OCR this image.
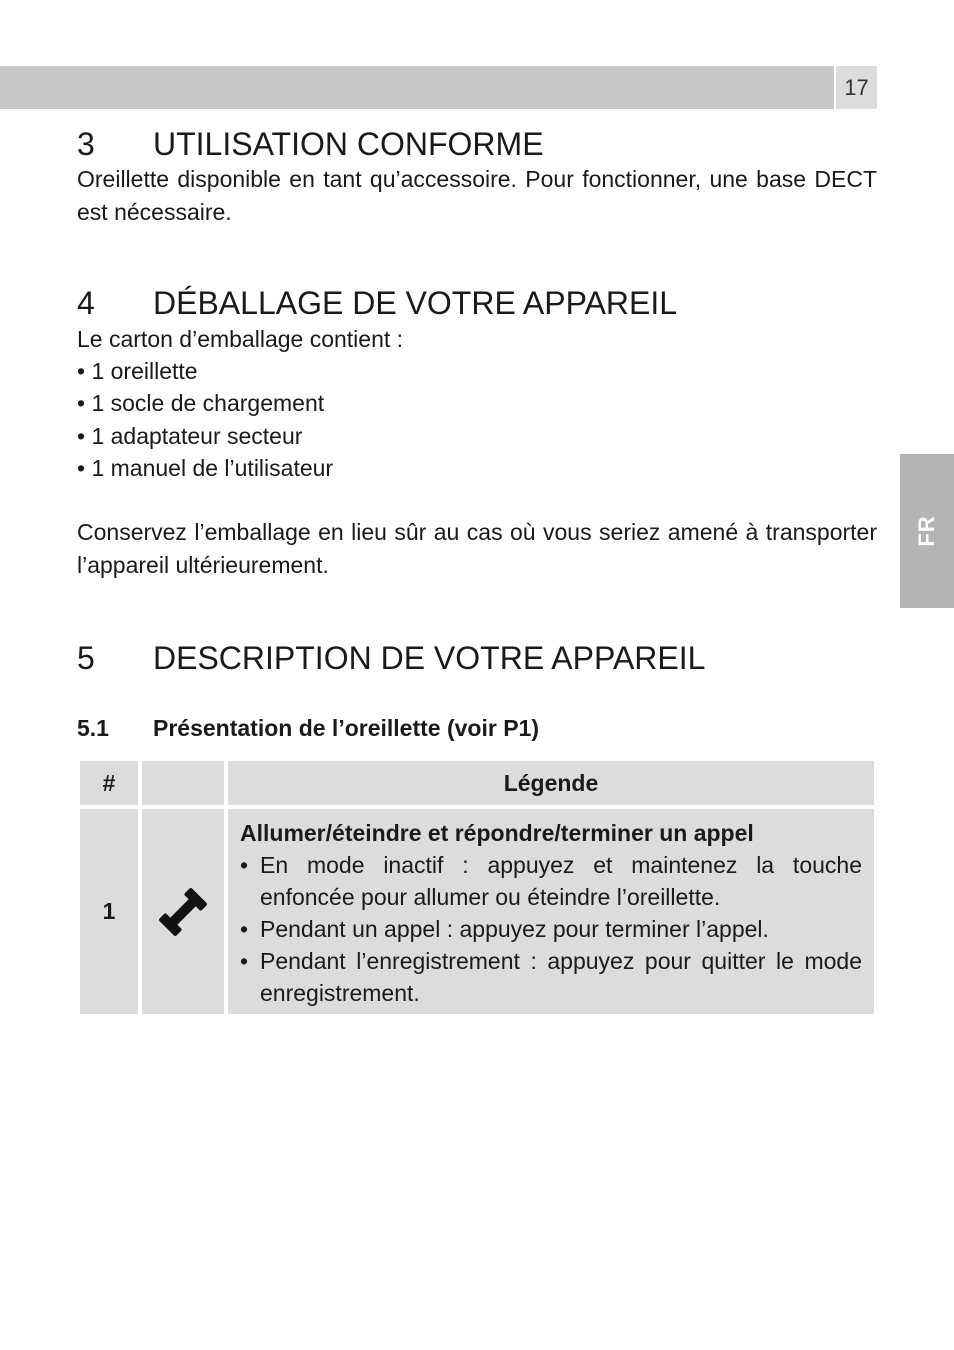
17
FR
3 UTILISATION CONFORME

Oreillette disponible en tant qu’accessoire. Pour fonctionner, une base DECT est nécessaire.

4 DÉBALLAGE DE VOTRE APPAREIL
Le carton d’emballage contient :
• 1 oreillette
• 1 socle de chargement
• 1 adaptateur secteur
• 1 manuel de l’utilisateur

Conservez l’emballage en lieu sûr au cas où vous seriez amené à transporter l’appareil ultérieurement.

5 DESCRIPTION DE VOTRE APPAREIL
5.1 Présentation de l’oreillette (voir P1)
#	Légende
1
Allumer/éteindre et répondre/terminer un appel
• En mode inactif : appuyez et maintenez la touche enfoncée pour allumer ou éteindre l’oreillette.
• Pendant un appel : appuyez pour terminer l’appel.
• Pendant l’enregistrement : appuyez pour quitter le mode enregistrement.
